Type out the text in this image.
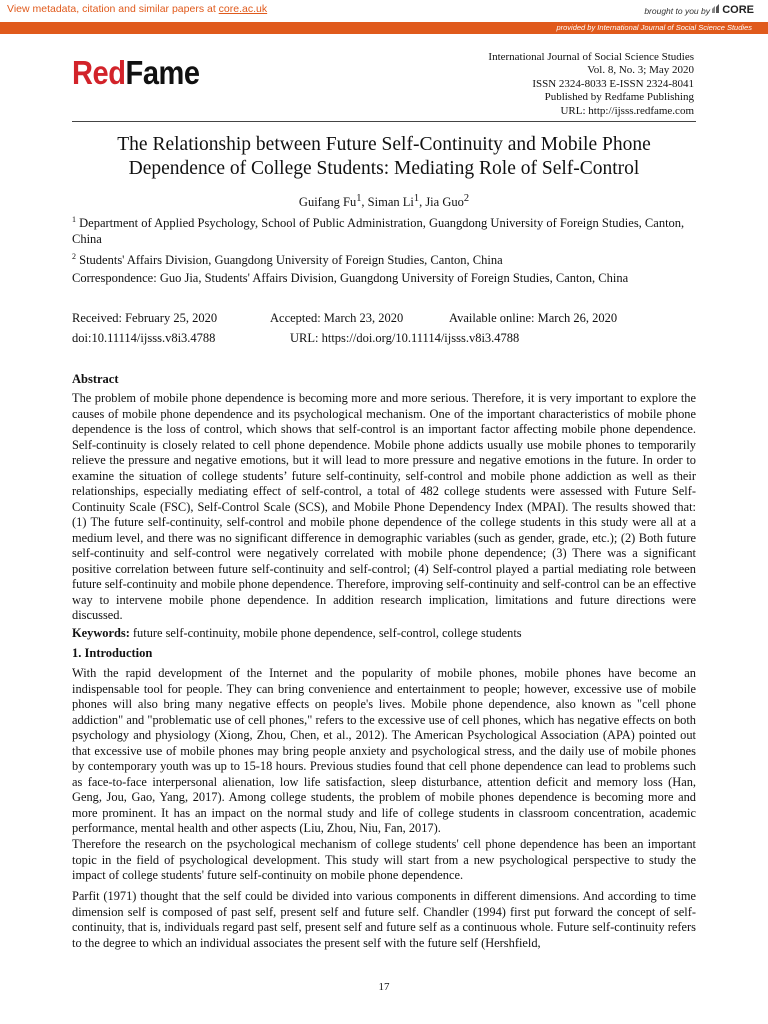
View metadata, citation and similar papers at core.ac.uk	brought to you by	CORE
provided by International Journal of Social Science Studies
RedFame	International Journal of Social Science Studies
Vol. 8, No. 3; May 2020
ISSN 2324-8033 E-ISSN 2324-8041
Published by Redfame Publishing
URL: http://ijsss.redfame.com
The Relationship between Future Self-Continuity and Mobile Phone
Dependence of College Students: Mediating Role of Self-Control
Guifang Fu$^1$, Siman Li$^1$, Jia Guo$^2$
$^1$ Department of Applied Psychology, School of Public Administration, Guangdong University of Foreign Studies, Canton, China
$^2$ Students' Affairs Division, Guangdong University of Foreign Studies, Canton, China
Correspondence: Guo Jia, Students' Affairs Division, Guangdong University of Foreign Studies, Canton, China
Received: February 25, 2020	Accepted: March 23, 2020	Available online: March 26, 2020
doi:10.11114/ijsss.v8i3.4788	URL: https://doi.org/10.11114/ijsss.v8i3.4788
Abstract

The problem of mobile phone dependence is becoming more and more serious. Therefore, it is very important to explore the causes of mobile phone dependence and its psychological mechanism. One of the important characteristics of mobile phone dependence is the loss of control, which shows that self-control is an important factor affecting mobile phone dependence. Self-continuity is closely related to cell phone dependence. Mobile phone addicts usually use mobile phones to temporarily relieve the pressure and negative emotions, but it will lead to more pressure and negative emotions in the future. In order to examine the situation of college students’ future self-continuity, self-control and mobile phone addiction as well as their relationships, especially mediating effect of self-control, a total of 482 college students were assessed with Future Self-Continuity Scale (FSC), Self-Control Scale (SCS), and Mobile Phone Dependency Index (MPAI). The results showed that: (1) The future self-continuity, self-control and mobile phone dependence of the college students in this study were all at a medium level, and there was no significant difference in demographic variables (such as gender, grade, etc.); (2) Both future self-continuity and self-control were negatively correlated with mobile phone dependence; (3) There was a significant positive correlation between future self-continuity and self-control; (4) Self-control played a partial mediating role between future self-continuity and mobile phone dependence. Therefore, improving self-continuity and self-control can be an effective way to intervene mobile phone dependence. In addition research implication, limitations and future directions were discussed.

Keywords: future self-continuity, mobile phone dependence, self-control, college students
1. Introduction

With the rapid development of the Internet and the popularity of mobile phones, mobile phones have become an indispensable tool for people. They can bring convenience and entertainment to people; however, excessive use of mobile phones will also bring many negative effects on people's lives. Mobile phone dependence, also known as "cell phone addiction" and "problematic use of cell phones," refers to the excessive use of cell phones, which has negative effects on both psychology and physiology (Xiong, Zhou, Chen, et al., 2012). The American Psychological Association (APA) pointed out that excessive use of mobile phones may bring people anxiety and psychological stress, and the daily use of mobile phones by contemporary youth was up to 15-18 hours. Previous studies found that cell phone dependence can lead to problems such as face-to-face interpersonal alienation, low life satisfaction, sleep disturbance, attention deficit and memory loss (Han, Geng, Jou, Gao, Yang, 2017). Among college students, the problem of mobile phones dependence is becoming more and more prominent. It has an impact on the normal study and life of college students in classroom concentration, academic performance, mental health and other aspects (Liu, Zhou, Niu, Fan, 2017).

Therefore the research on the psychological mechanism of college students' cell phone dependence has been an important topic in the field of psychological development. This study will start from a new psychological perspective to study the impact of college students' future self-continuity on mobile phone dependence.

Parfit (1971) thought that the self could be divided into various components in different dimensions. And according to time dimension self is composed of past self, present self and future self. Chandler (1994) first put forward the concept of self-continuity, that is, individuals regard past self, present self and future self as a continuous whole. Future self-continuity refers to the degree to which an individual associates the present self with the future self (Hershfield,

17
